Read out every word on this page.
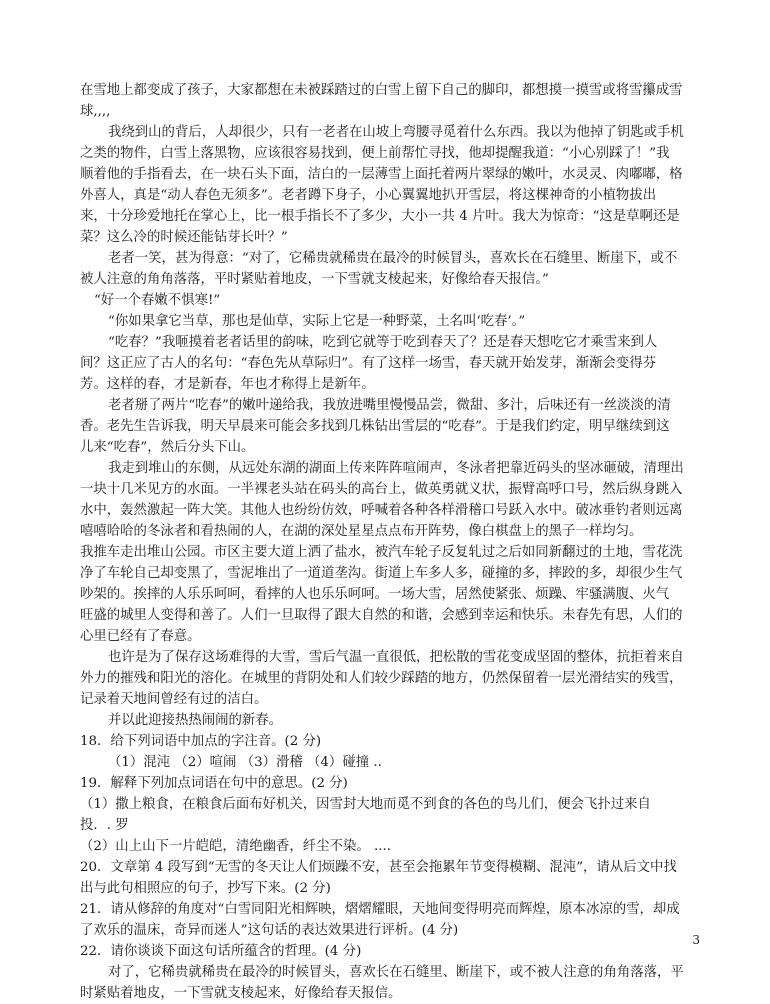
在雪地上都变成了孩子，大家都想在未被踩踏过的白雪上留下自己的脚印，都想摸一摸雪或将雪攥成雪
球,,,,
我绕到山的背后，人却很少，只有一老者在山坡上弯腰寻觅着什么东西。我以为他掉了钥匙或手机
之类的物件，白雪上落黑物，应该很容易找到，便上前帮忙寻找，他却提醒我道：“小心别踩了！”我
顺着他的手指看去，在一块石头下面，洁白的一层薄雪上面托着两片翠绿的嫩叶，水灵灵、肉嘟嘟，格
外喜人，真是“动人春色无须多”。老者蹲下身子，小心翼翼地扒开雪层，将这棵神奇的小植物拔出
来，十分珍爱地托在掌心上，比一根手指长不了多少，大小一共 4 片叶。我大为惊奇：“这是草啊还是
菜？这么冷的时候还能钻芽长叶？”
老者一笑，甚为得意：“对了，它稀贵就稀贵在最冷的时候冒头，喜欢长在石缝里、断崖下，或不
被人注意的角角落落，平时紧贴着地皮，一下雪就支棱起来，好像给春天报信。”
“好一个春嫩不惧寒!”
“你如果拿它当草，那也是仙草，实际上它是一种野菜，土名叫‘吃春’。”
“吃春？”我咂摸着老者话里的韵味，吃到它就等于吃到春天了？还是春天想吃它才乘雪来到人
间？这正应了古人的名句：“春色先从草际归”。有了这样一场雪，春天就开始发芽，渐渐会变得芬
芳。这样的春，才是新春，年也才称得上是新年。
老者掰了两片“吃春”的嫩叶递给我，我放进嘴里慢慢品尝，微甜、多汁，后味还有一丝淡淡的清
香。老先生告诉我，明天早晨来可能会多找到几株钻出雪层的“吃春”。于是我们约定，明早继续到这
儿来“吃春”，然后分头下山。
我走到堆山的东侧，从远处东湖的湖面上传来阵阵喧闹声，冬泳者把靠近码头的坚冰砸破，清理出
一块十几米见方的水面。一半裸老头站在码头的高台上，做英勇就义状，振臂高呼口号，然后纵身跳入
水中，轰然激起一阵大笑。其他人也纷纷仿效，呼喊着各种各样滑稽口号跃入水中。破冰垂钓者则远离
嘻嘻哈哈的冬泳者和看热闹的人，在湖的深处星星点点布开阵势，像白棋盘上的黑子一样均匀。
我推车走出堆山公园。市区主要大道上洒了盐水，被汽车轮子反复轧过之后如同新翻过的土地，雪花洗
净了车轮自己却变黑了，雪泥堆出了一道道垄沟。街道上车多人多，碰撞的多，摔跤的多，却很少生气
吵架的。挨摔的人乐乐呵呵，看摔的人也乐乐呵呵。一场大雪，居然使紧张、烦躁、牢骚满腹、火气
旺盛的城里人变得和善了。人们一旦取得了跟大自然的和谐，会感到幸运和快乐。未春先有思，人们的
心里已经有了春意。
也许是为了保存这场难得的大雪，雪后气温一直很低，把松散的雪花变成坚固的整体，抗拒着来自
外力的摧残和阳光的溶化。在城里的背阴处和人们较少踩踏的地方，仍然保留着一层光滑结实的残雪，
记录着天地间曾经有过的洁白。
并以此迎接热热闹闹的新春。
18．给下列词语中加点的字注音。(2 分)
（1）混沌 （2）喧闹 （3）滑稽 （4）碰撞 ..
19．解释下列加点词语在句中的意思。(2 分)
（1）撒上粮食，在粮食后面布好机关，因雪封大地而觅不到食的各色的鸟儿们，便会飞扑过来自
投．. 罗
（2）山上山下一片皑皑，清绝幽香，纤尘不染。 ....
20．文章第 4 段写到“无雪的冬天让人们烦躁不安，甚至会拖累年节变得模糊、混沌”，请从后文中找
出与此句相照应的句子，抄写下来。(2 分)
21．请从修辞的角度对“白雪同阳光相辉映，熠熠耀眼，天地间变得明亮而辉煌，原本冰凉的雪，却成
了欢乐的温床，奇异而迷人”这句话的表达效果进行评析。(4 分)
22．请你谈谈下面这句话所蕴含的哲理。(4 分)
对了，它稀贵就稀贵在最冷的时候冒头，喜欢长在石缝里、断崖下，或不被人注意的角角落落，平
时紧贴着地皮，一下雪就支棱起来，好像给春天报信。
3
